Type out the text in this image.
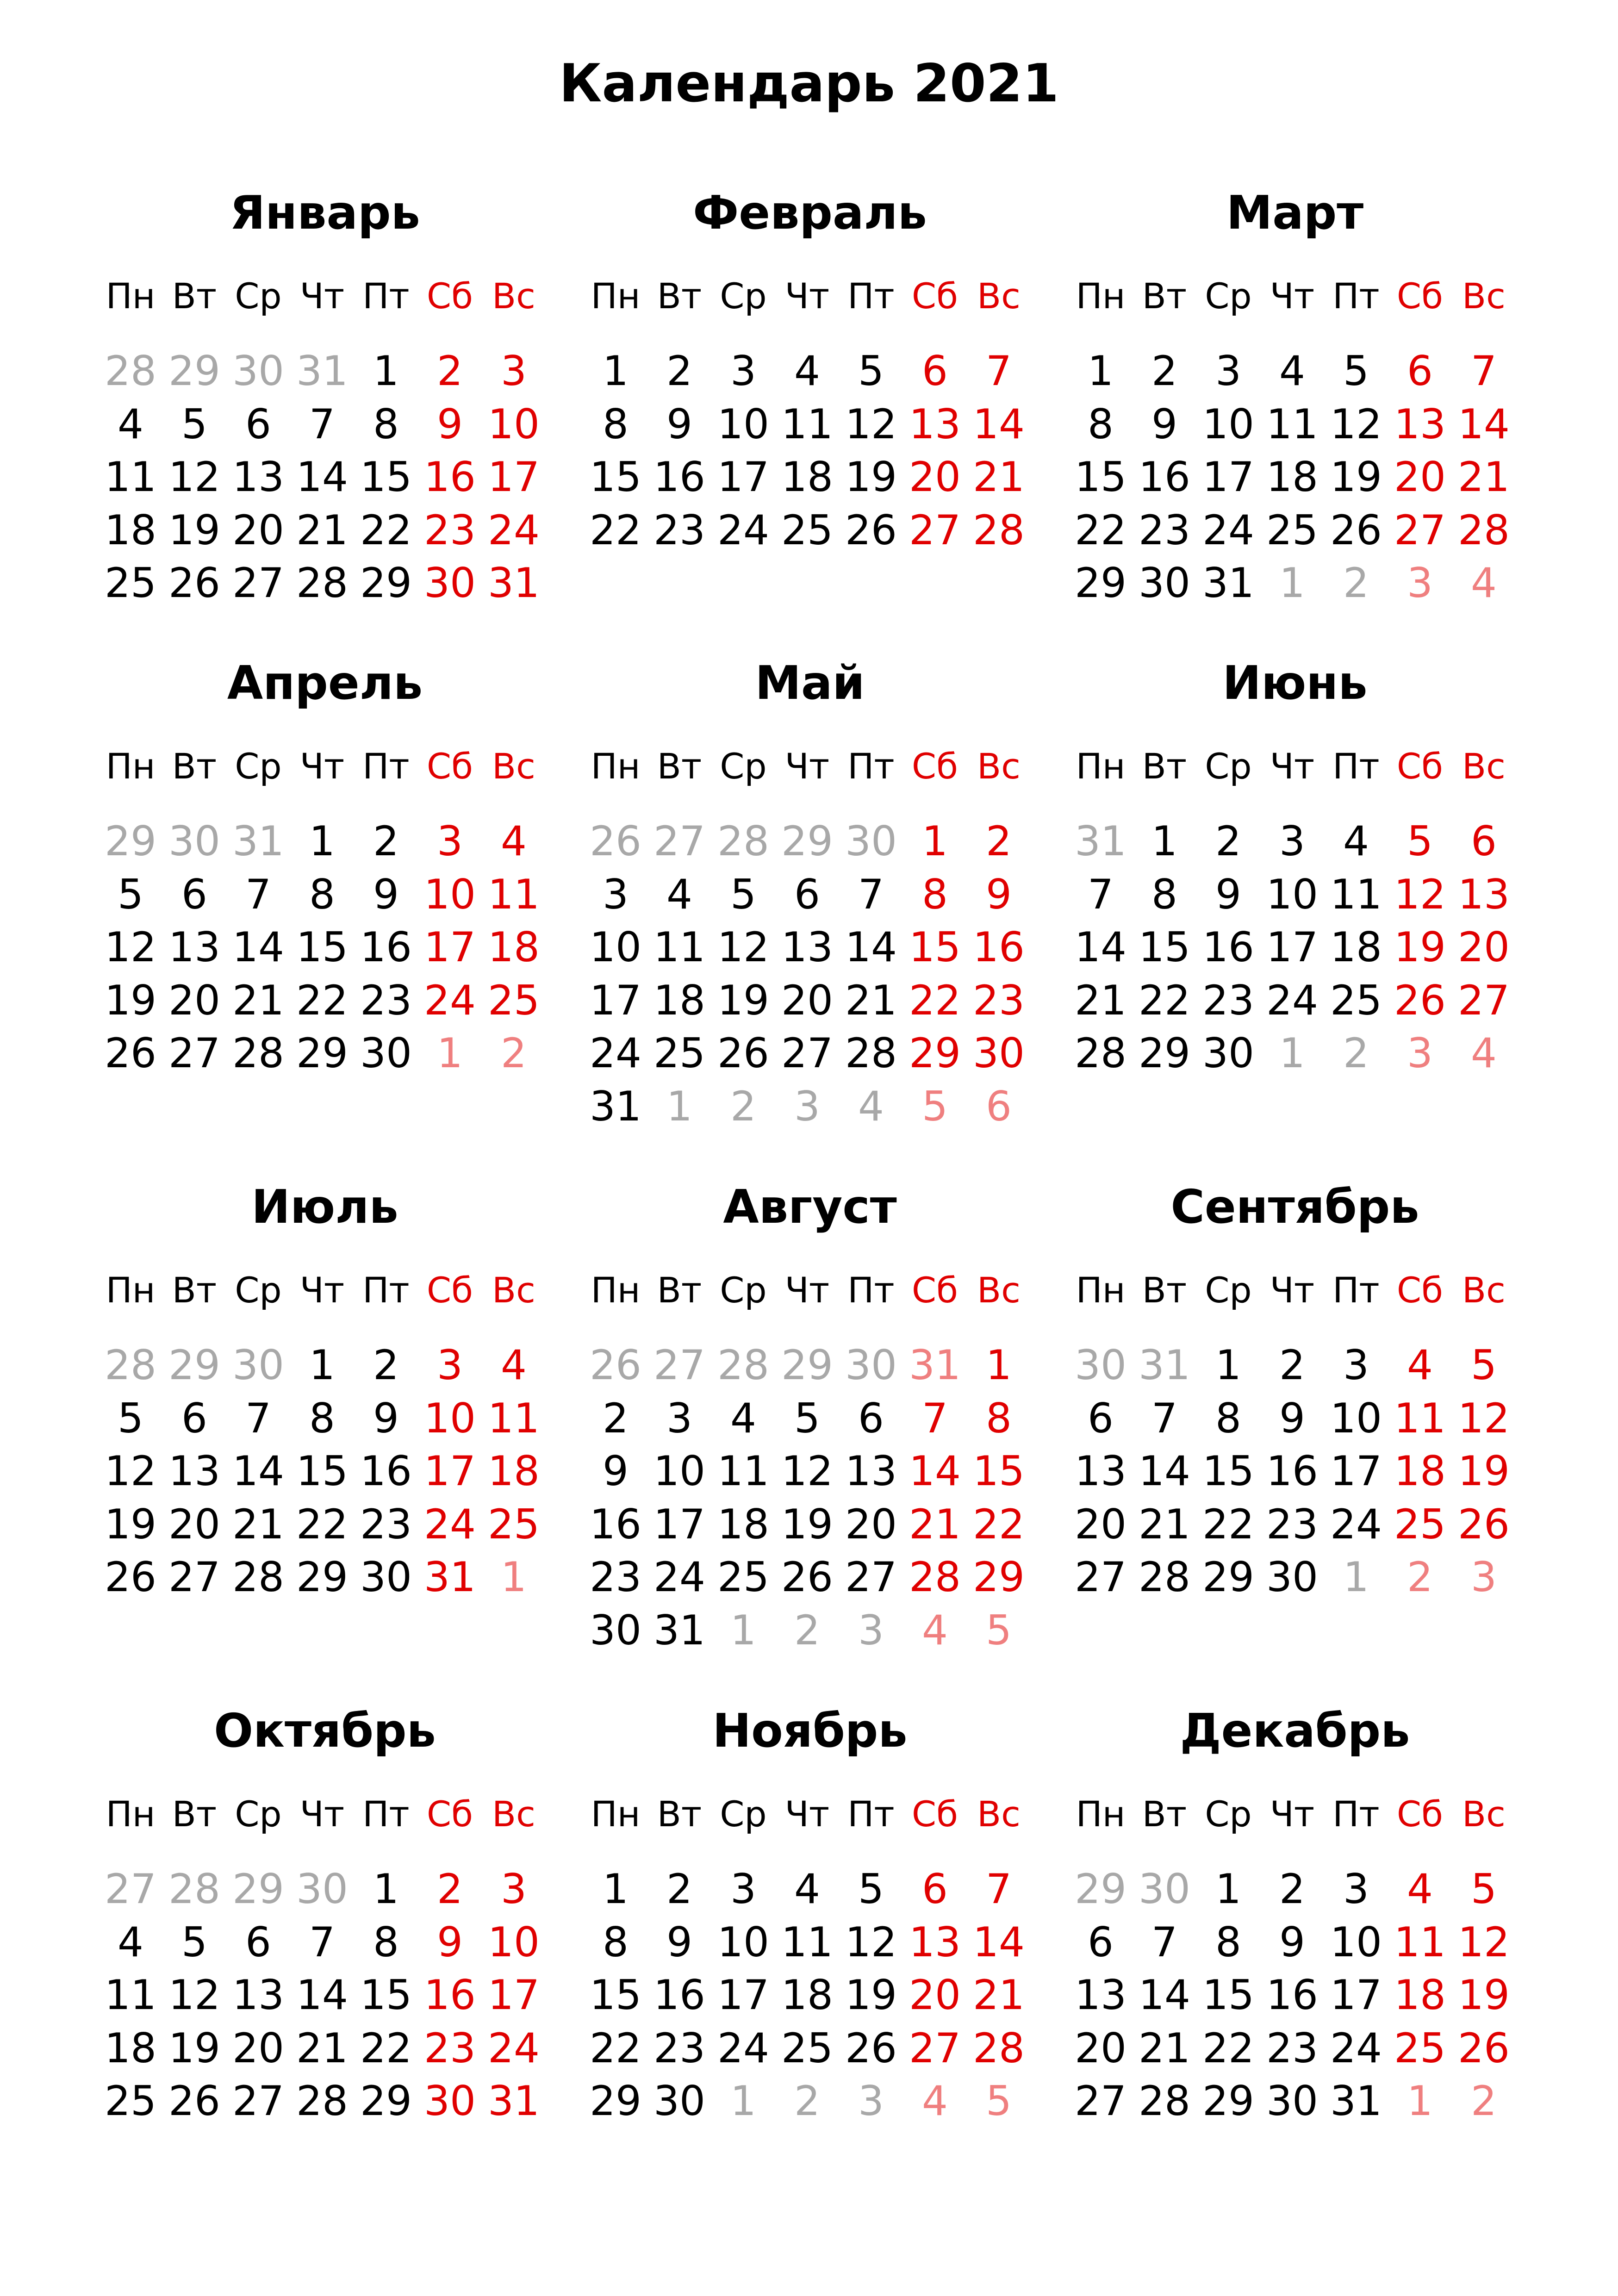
Календарь 2021
Январь
Пн Вт Ср Чт Пт Сб Вс
28 29 30 31 1 2 3
4 5 6 7 8 9 10
11 12 13 14 15 16 17
18 19 20 21 22 23 24
25 26 27 28 29 30 31
Февраль
Пн Вт Ср Чт Пт Сб Вс
1 2 3 4 5 6 7
8 9 10 11 12 13 14
15 16 17 18 19 20 21
22 23 24 25 26 27 28
Март
Пн Вт Ср Чт Пт Сб Вс
1 2 3 4 5 6 7
8 9 10 11 12 13 14
15 16 17 18 19 20 21
22 23 24 25 26 27 28
29 30 31 1 2 3 4
Апрель
Пн Вт Ср Чт Пт Сб Вс
29 30 31 1 2 3 4
5 6 7 8 9 10 11
12 13 14 15 16 17 18
19 20 21 22 23 24 25
26 27 28 29 30 1 2
Май
Пн Вт Ср Чт Пт Сб Вс
26 27 28 29 30 1 2
3 4 5 6 7 8 9
10 11 12 13 14 15 16
17 18 19 20 21 22 23
24 25 26 27 28 29 30
31 1 2 3 4 5 6
Июнь
Пн Вт Ср Чт Пт Сб Вс
31 1 2 3 4 5 6
7 8 9 10 11 12 13
14 15 16 17 18 19 20
21 22 23 24 25 26 27
28 29 30 1 2 3 4
Июль
Пн Вт Ср Чт Пт Сб Вс
28 29 30 1 2 3 4
5 6 7 8 9 10 11
12 13 14 15 16 17 18
19 20 21 22 23 24 25
26 27 28 29 30 31 1
Август
Пн Вт Ср Чт Пт Сб Вс
26 27 28 29 30 31 1
2 3 4 5 6 7 8
9 10 11 12 13 14 15
16 17 18 19 20 21 22
23 24 25 26 27 28 29
30 31 1 2 3 4 5
Сентябрь
Пн Вт Ср Чт Пт Сб Вс
30 31 1 2 3 4 5
6 7 8 9 10 11 12
13 14 15 16 17 18 19
20 21 22 23 24 25 26
27 28 29 30 1 2 3
Октябрь
Пн Вт Ср Чт Пт Сб Вс
27 28 29 30 1 2 3
4 5 6 7 8 9 10
11 12 13 14 15 16 17
18 19 20 21 22 23 24
25 26 27 28 29 30 31
Ноябрь
Пн Вт Ср Чт Пт Сб Вс
1 2 3 4 5 6 7
8 9 10 11 12 13 14
15 16 17 18 19 20 21
22 23 24 25 26 27 28
29 30 1 2 3 4 5
Декабрь
Пн Вт Ср Чт Пт Сб Вс
29 30 1 2 3 4 5
6 7 8 9 10 11 12
13 14 15 16 17 18 19
20 21 22 23 24 25 26
27 28 29 30 31 1 2
